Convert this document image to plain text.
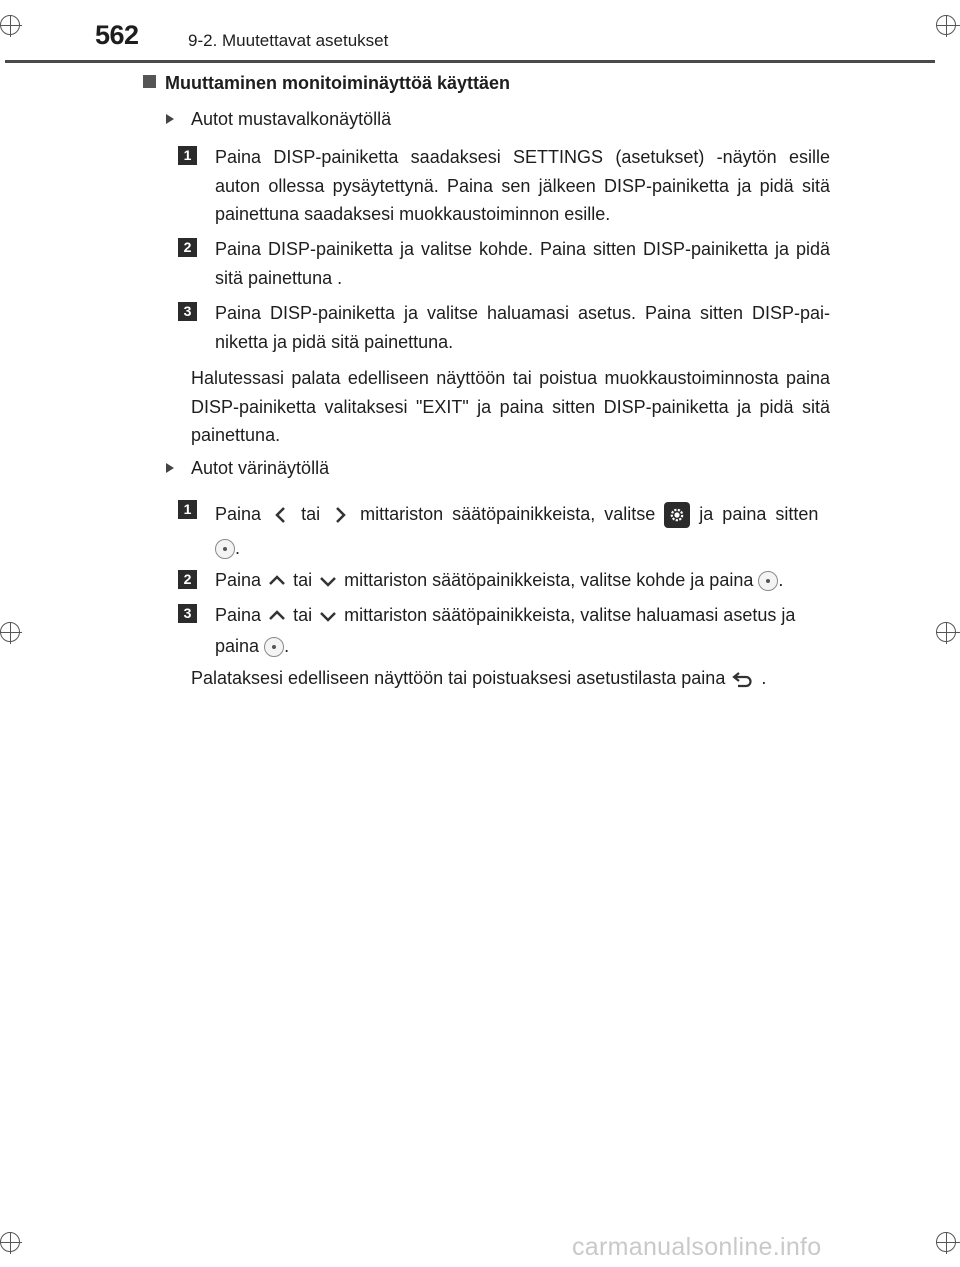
562	9-2. Muutettavat asetukset
Muuttaminen monitoiminäyttöä käyttäen
Autot mustavalkonäytöllä
1	Paina DISP-painiketta saadaksesi SETTINGS (asetukset) -näytön esille auton ollessa pysäytettynä. Paina sen jälkeen DISP-painiketta ja pidä sitä painettuna saadaksesi muokkaustoiminnon esille.
2	Paina DISP-painiketta ja valitse kohde. Paina sitten DISP-painiketta ja pidä sitä painettuna .
3	Paina DISP-painiketta ja valitse haluamasi asetus. Paina sitten DISP-pai-niketta ja pidä sitä painettuna.
Halutessasi palata edelliseen näyttöön tai poistua muokkaustoiminnosta paina DISP-painiketta valitaksesi "EXIT" ja paina sitten DISP-painiketta ja pidä sitä painettuna.
Autot värinäytöllä
1	Paina tai mittariston säätöpainikkeista, valitse ja paina sitten
.
2	Paina tai mittariston säätöpainikkeista, valitse kohde ja paina .
3	Paina tai mittariston säätöpainikkeista, valitse haluamasi asetus ja paina .
Palataksesi edelliseen näyttöön tai poistuaksesi asetustilasta paina .
carmanualsonline.info
